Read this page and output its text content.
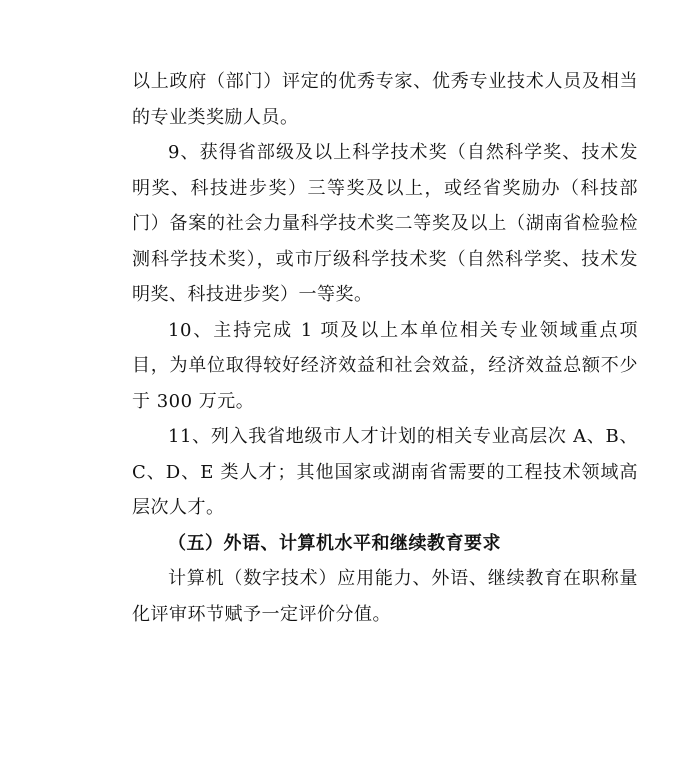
以上政府（部门）评定的优秀专家、优秀专业技术人员及相当的专业类奖励人员。

9、获得省部级及以上科学技术奖（自然科学奖、技术发明奖、科技进步奖）三等奖及以上，或经省奖励办（科技部门）备案的社会力量科学技术奖二等奖及以上（湖南省检验检测科学技术奖），或市厅级科学技术奖（自然科学奖、技术发明奖、科技进步奖）一等奖。

10、主持完成 1 项及以上本单位相关专业领域重点项目，为单位取得较好经济效益和社会效益，经济效益总额不少于 300 万元。

11、列入我省地级市人才计划的相关专业高层次 A、B、C、D、E 类人才；其他国家或湖南省需要的工程技术领域高层次人才。

（五）外语、计算机水平和继续教育要求

计算机（数字技术）应用能力、外语、继续教育在职称量化评审环节赋予一定评价分值。
